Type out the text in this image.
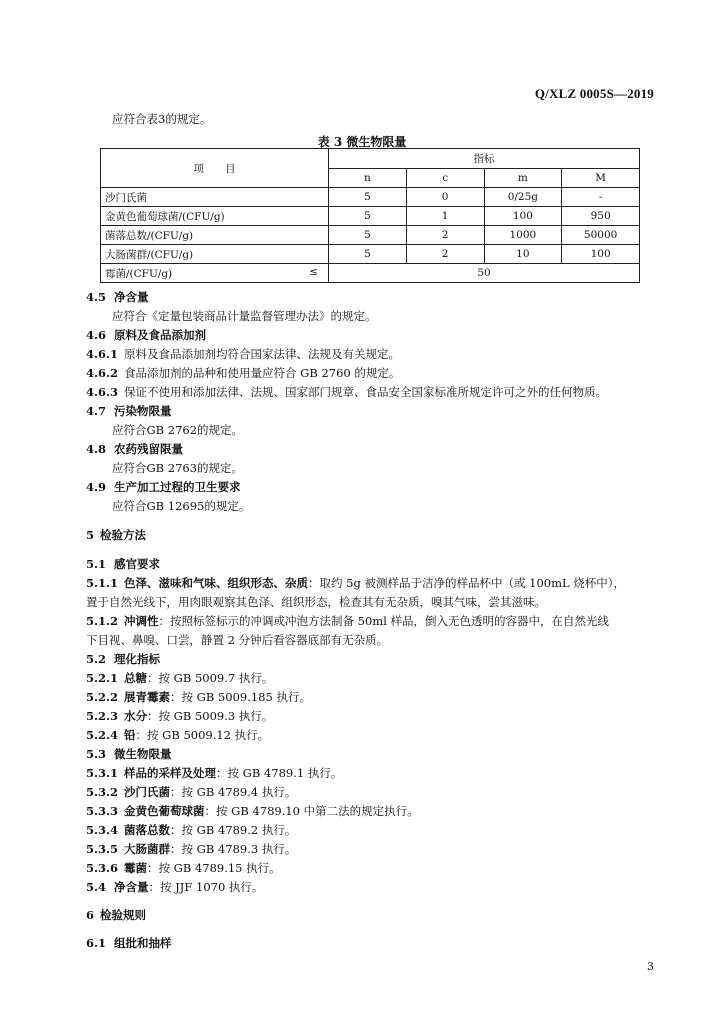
Q/XLZ 0005S—2019
应符合表3的规定。
表 3 微生物限量
项　　目	指标			
	n	c	m	M
沙门氏菌	5	0	0/25g	-
金黄色葡萄球菌/(CFU/g)	5	1	100	950
菌落总数/(CFU/g)	5	2	1000	50000
大肠菌群/(CFU/g)	5	2	10	100
霉菌/(CFU/g) ≤	50			
4.5 净含量
应符合《定量包装商品计量监督管理办法》的规定。
4.6 原料及食品添加剂
4.6.1 原料及食品添加剂均符合国家法律、法规及有关规定。
4.6.2 食品添加剂的品种和使用量应符合 GB 2760 的规定。
4.6.3 保证不使用和添加法律、法规、国家部门规章、食品安全国家标准所规定许可之外的任何物质。
4.7 污染物限量
应符合GB 2762的规定。
4.8 农药残留限量
应符合GB 2763的规定。
4.9 生产加工过程的卫生要求
应符合GB 12695的规定。
5 检验方法
5.1 感官要求
5.1.1 色泽、滋味和气味、组织形态、杂质：取约 5g 被测样品于洁净的样品杯中（或 100mL 烧杯中），
置于自然光线下，用肉眼观察其色泽、组织形态，检查其有无杂质，嗅其气味，尝其滋味。
5.1.2 冲调性：按照标签标示的冲调或冲泡方法制备 50ml 样品，倒入无色透明的容器中，在自然光线
下目视、鼻嗅、口尝，静置 2 分钟后看容器底部有无杂质。
5.2 理化指标
5.2.1 总糖：按 GB 5009.7 执行。
5.2.2 展青霉素：按 GB 5009.185 执行。
5.2.3 水分：按 GB 5009.3 执行。
5.2.4 铅：按 GB 5009.12 执行。
5.3 微生物限量
5.3.1 样品的采样及处理：按 GB 4789.1 执行。
5.3.2 沙门氏菌：按 GB 4789.4 执行。
5.3.3 金黄色葡萄球菌：按 GB 4789.10 中第二法的规定执行。
5.3.4 菌落总数：按 GB 4789.2 执行。
5.3.5 大肠菌群：按 GB 4789.3 执行。
5.3.6 霉菌：按 GB 4789.15 执行。
5.4 净含量：按 JJF 1070 执行。
6 检验规则
6.1 组批和抽样
3
